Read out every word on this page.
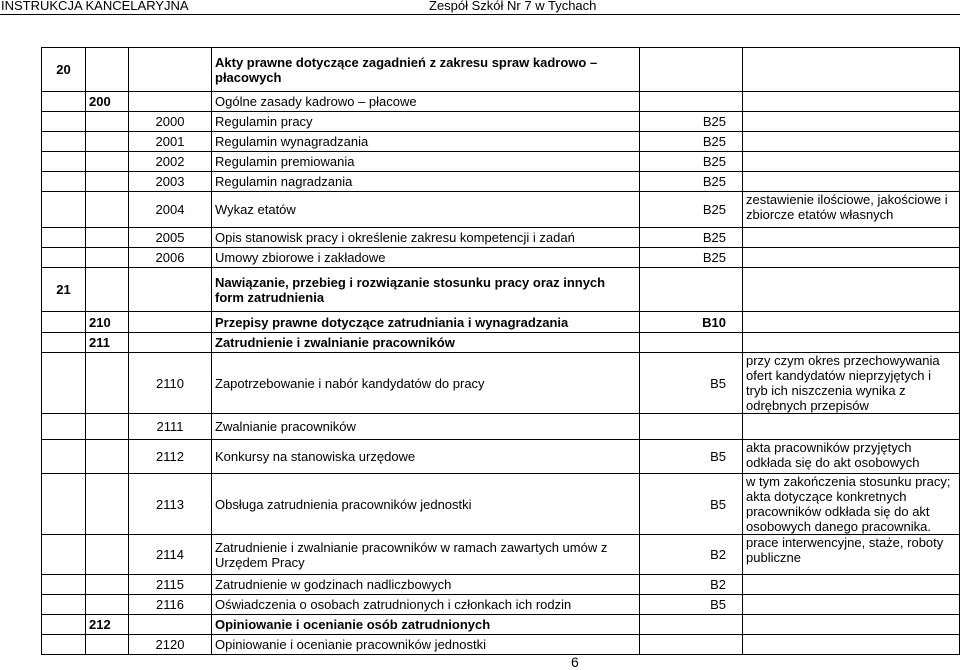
INSTRUKCJA KANCELARYJNA	Zespół Szkół Nr 7 w Tychach
20			Akty prawne dotyczące zagadnień z zakresu spraw kadrowo – płacowych		
	200		Ogólne zasady kadrowo – płacowe		
		2000	Regulamin pracy	B25	
		2001	Regulamin wynagradzania	B25	
		2002	Regulamin premiowania	B25	
		2003	Regulamin nagradzania	B25	
		2004	Wykaz etatów	B25	zestawienie ilościowe, jakościowe i zbiorcze etatów własnych
		2005	Opis stanowisk pracy i określenie zakresu kompetencji i zadań	B25	
		2006	Umowy zbiorowe i zakładowe	B25	
21			Nawiązanie, przebieg i rozwiązanie stosunku pracy oraz innych form zatrudnienia		
	210		Przepisy prawne dotyczące zatrudniania i wynagradzania	B10	
	211		Zatrudnienie i zwalnianie pracowników		
		2110	Zapotrzebowanie i nabór kandydatów do pracy	B5	przy czym okres przechowywania ofert kandydatów nieprzyjętych i tryb ich niszczenia wynika z odrębnych przepisów
		2111	Zwalnianie pracowników		
		2112	Konkursy na stanowiska urzędowe	B5	akta pracowników przyjętych odkłada się do akt osobowych
		2113	Obsługa zatrudnienia pracowników jednostki	B5	w tym zakończenia stosunku pracy; akta dotyczące konkretnych pracowników odkłada się do akt osobowych danego pracownika.
		2114	Zatrudnienie i zwalnianie pracowników w ramach zawartych umów z Urzędem Pracy	B2	prace interwencyjne, staże, roboty publiczne
		2115	Zatrudnienie w godzinach nadliczbowych	B2	
		2116	Oświadczenia o osobach zatrudnionych i członkach ich rodzin	B5	
	212		Opiniowanie i ocenianie osób zatrudnionych		
		2120	Opiniowanie i ocenianie pracowników jednostki		
6
